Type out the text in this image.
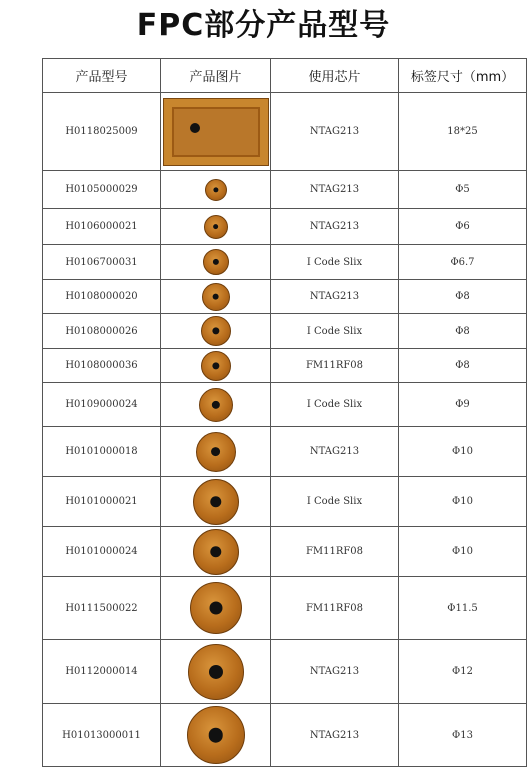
FPC部分产品型号
产品型号	产品图片	使用芯片	标签尺寸（mm）
H0118025009		NTAG213	18*25
H0105000029		NTAG213	Φ5
H0106000021		NTAG213	Φ6
H0106700031		I Code Slix	Φ6.7
H0108000020		NTAG213	Φ8
H0108000026		I Code Slix	Φ8
H0108000036		FM11RF08	Φ8
H0109000024		I Code Slix	Φ9
H0101000018		NTAG213	Φ10
H0101000021		I Code Slix	Φ10
H0101000024		FM11RF08	Φ10
H0111500022		FM11RF08	Φ11.5
H0112000014		NTAG213	Φ12
H01013000011		NTAG213	Φ13
